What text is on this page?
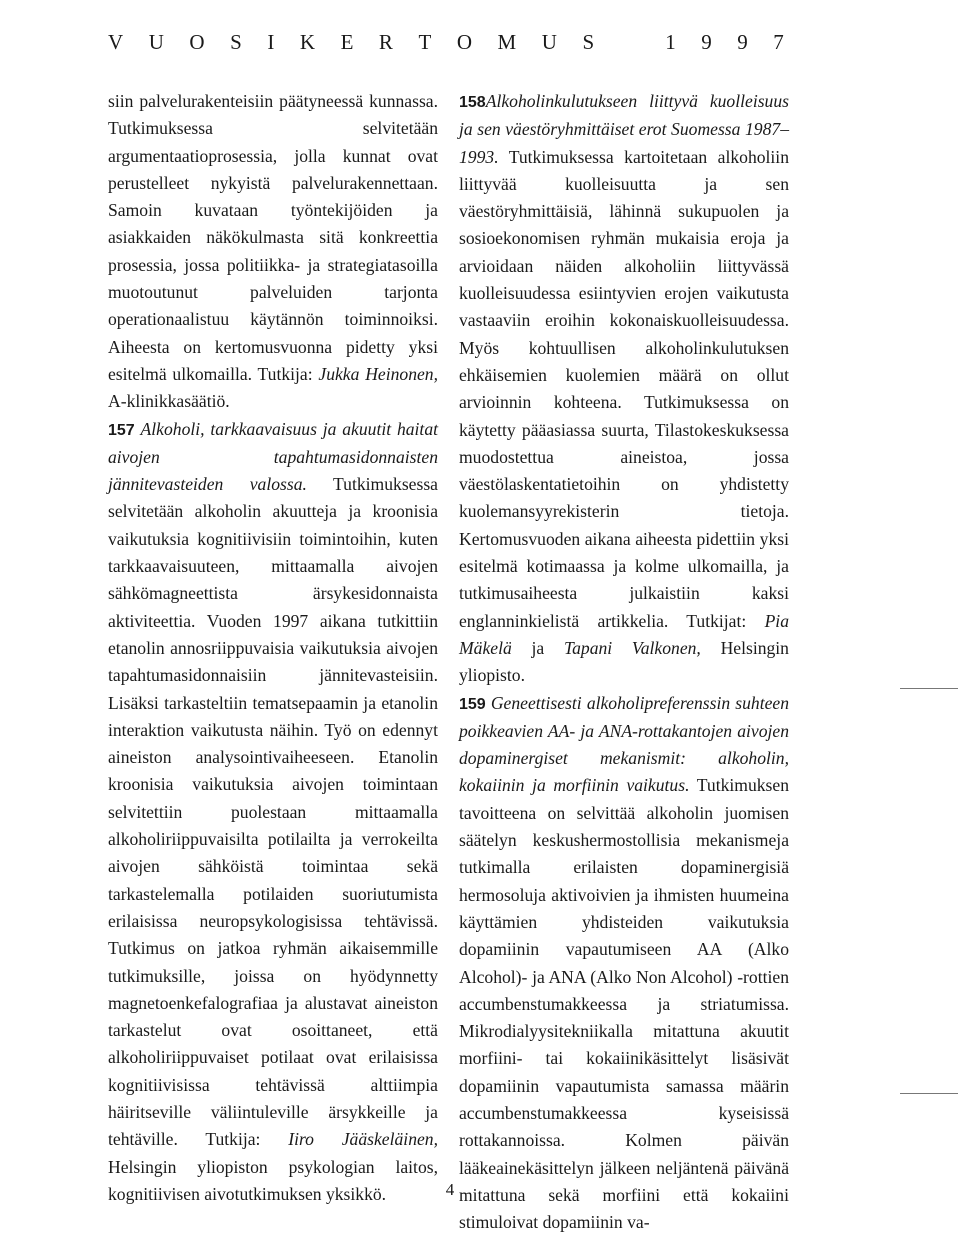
V U O S I K E R T O M U S	1 9 9 7

siin palvelurakenteisiin päätyneessä kunnassa. Tutkimuksessa selvitetään argumentaatioprosessia, jolla kunnat ovat perustelleet nykyistä palvelurakennettaan. Samoin kuvataan työntekijöiden ja asiakkaiden näkökulmasta sitä konkreettia prosessia, jossa politiikka- ja strategiatasoilla muotoutunut palveluiden tarjonta operationaalistuu käytännön toiminnoiksi. Aiheesta on kertomusvuonna pidetty yksi esitelmä ulkomailla. Tutkija: Jukka Heinonen, A-klinikkasäätiö.

157 Alkoholi, tarkkaavaisuus ja akuutit haitat aivojen tapahtumasidonnaisten jännitevasteiden valossa. Tutkimuksessa selvitetään alkoholin akuutteja ja kroonisia vaikutuksia kognitiivisiin toimintoihin, kuten tarkkaavaisuuteen, mittaamalla aivojen sähkömagneettista ärsykesidonnaista aktiviteettia. Vuoden 1997 aikana tutkittiin etanolin annosriippuvaisia vaikutuksia aivojen tapahtumasidonnaisiin jännitevasteisiin. Lisäksi tarkasteltiin tematsepaamin ja etanolin interaktion vaikutusta näihin. Työ on edennyt aineiston analysointivaiheeseen. Etanolin kroonisia vaikutuksia aivojen toimintaan selvitettiin puolestaan mittaamalla alkoholiriippuvaisilta potilailta ja verrokeilta aivojen sähköistä toimintaa sekä tarkastelemalla potilaiden suoriutumista erilaisissa neuropsykologisissa tehtävissä. Tutkimus on jatkoa ryhmän aikaisemmille tutkimuksille, joissa on hyödynnetty magnetoenkefalografiaa ja alustavat aineiston tarkastelut ovat osoittaneet, että alkoholiriippuvaiset potilaat ovat erilaisissa kognitiivisissa tehtävissä alttiimpia häiritseville väliintuleville ärsykkeille ja tehtäville. Tutkija: Iiro Jääskeläinen, Helsingin yliopiston psykologian laitos, kognitiivisen aivotutkimuksen yksikkö.

158Alkoholinkulutukseen liittyvä kuolleisuus ja sen väestöryhmittäiset erot Suomessa 1987–1993. Tutkimuksessa kartoitetaan alkoholiin liittyvää kuolleisuutta ja sen väestöryhmittäisiä, lähinnä sukupuolen ja sosioekonomisen ryhmän mukaisia eroja ja arvioidaan näiden alkoholiin liittyvässä kuolleisuudessa esiintyvien erojen vaikutusta vastaaviin eroihin kokonaiskuolleisuudessa. Myös kohtuullisen alkoholinkulutuksen ehkäisemien kuolemien määrä on ollut arvioinnin kohteena. Tutkimuksessa on käytetty pääasiassa suurta, Tilastokeskuksessa muodostettua aineistoa, jossa väestölaskentatietoihin on yhdistetty kuolemansyyrekisterin tietoja. Kertomusvuoden aikana aiheesta pidettiin yksi esitelmä kotimaassa ja kolme ulkomailla, ja tutkimusaiheesta julkaistiin kaksi englanninkielistä artikkelia. Tutkijat: Pia Mäkelä ja Tapani Valkonen, Helsingin yliopisto.

159 Geneettisesti alkoholipreferenssin suhteen poikkeavien AA- ja ANA-rottakantojen aivojen dopaminergiset mekanismit: alkoholin, kokaiinin ja morfiinin vaikutus. Tutkimuksen tavoitteena on selvittää alkoholin juomisen säätelyn keskushermostollisia mekanismeja tutkimalla erilaisten dopaminergisiä hermosoluja aktivoivien ja ihmisten huumeina käyttämien yhdisteiden vaikutuksia dopamiinin vapautumiseen AA (Alko Alcohol)- ja ANA (Alko Non Alcohol) -rottien accumbenstumakkeessa ja striatumissa. Mikrodialyysitekniikalla mitattuna akuutit morfiini- tai kokaiinikäsittelyt lisäsivät dopamiinin vapautumista samassa määrin accumbenstumakkeessa kyseisissä rottakannoissa. Kolmen päivän lääkeainekäsittelyn jälkeen neljäntenä päivänä mitattuna sekä morfiini että kokaiini stimuloivat dopamiinin va-

4
